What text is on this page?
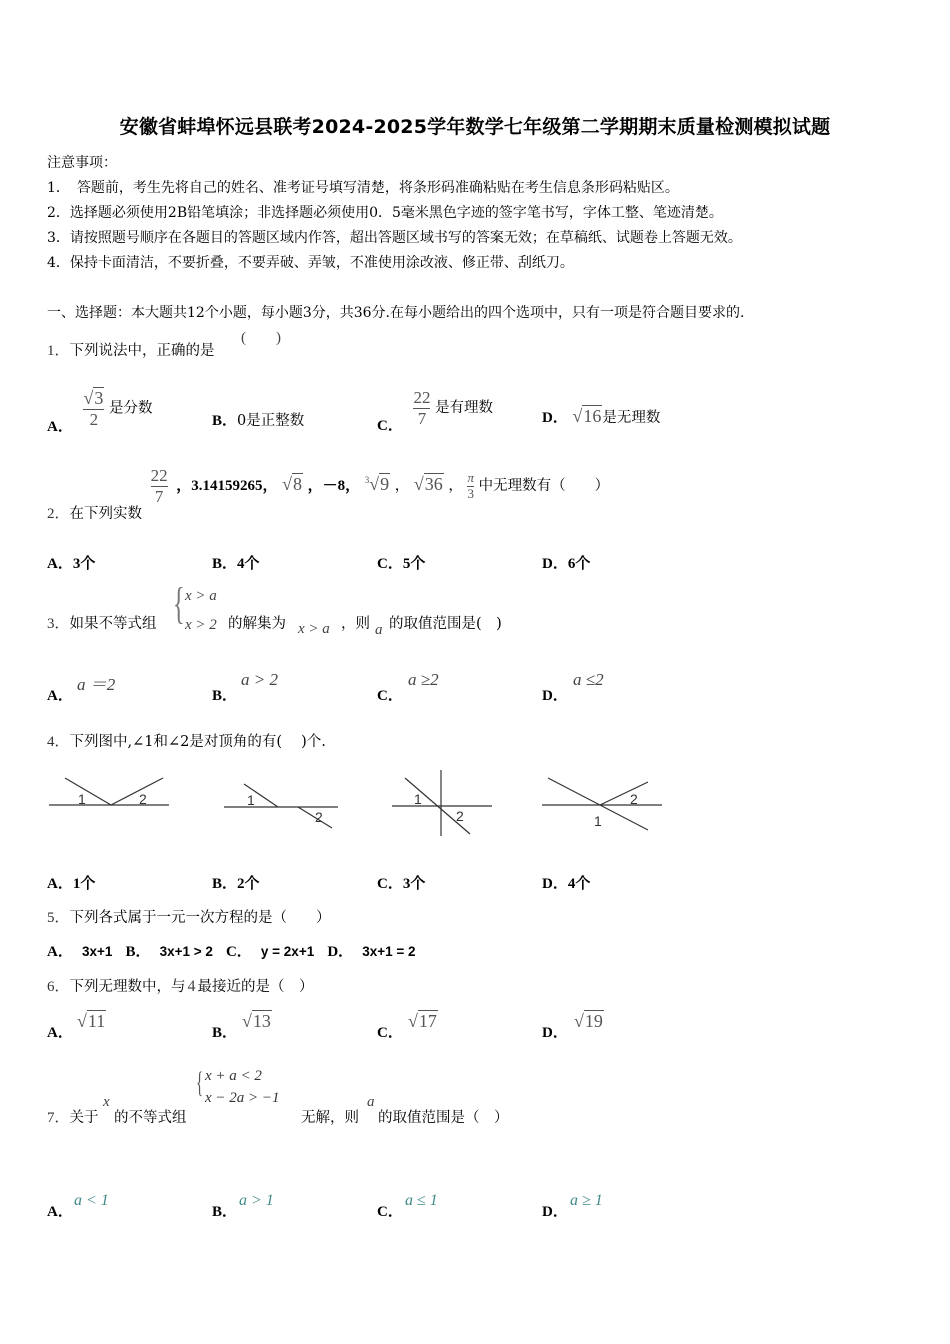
安徽省蚌埠怀远县联考2024-2025学年数学七年级第二学期期末质量检测模拟试题
注意事项：
1．　答题前，考生先将自己的姓名、准考证号填写清楚，将条形码准确粘贴在考生信息条形码粘贴区。
2．选择题必须使用2B铅笔填涂；非选择题必须使用0．5毫米黑色字迹的签字笔书写，字体工整、笔迹清楚。
3．请按照题号顺序在各题目的答题区域内作答，超出答题区域书写的答案无效；在草稿纸、试题卷上答题无效。
4．保持卡面清洁，不要折叠，不要弄破、弄皱，不准使用涂改液、修正带、刮纸刀。
一、选择题：本大题共12个小题，每小题3分，共36分.在每小题给出的四个选项中，只有一项是符合题目要求的.
1．下列说法中，正确的是
(　　)
A． $\frac{√3}{2}$ 是分数
B．0是正整数	C． $\frac{22}{7}$ 是有理数
D． √16是无理数
2．在下列实数
$\frac{22}{7}$ ，3.14159265， √8 ，－8， $^3$√9 ， √36 ， $\frac{\pi}{3}$ 中无理数有（　　）
A．3个	B．4个	C．5个	D．6个
3．如果不等式组 { x > a
x > 2 的解集为 x > a ，则 a 的取值范围是(　)
A．
a ＝2
B．
a > 2
C．
a ≥2
D．
a ≤2
4．下列图中,∠1和∠2是对顶角的有(　 )个.
1	2	1
2
1
2
2
1
A．1个	B．2个	C．3个	D．4个
5．下列各式属于一元一次方程的是（　　）
A． 3x+1 B． 3x+1 > 2 C． y = 2x+1 D． 3x+1 = 2
6．下列无理数中，与 4 最接近的是（　）
A．
√11
B．
√13
C．
√17
D．
√19
7．关于
x
的不等式组
{ x + a < 2
x − 2a > −1
无解，则
a
的取值范围是（　）
A．
a < 1
B．
a > 1
C．
a ≤ 1
D．
a ≥ 1
